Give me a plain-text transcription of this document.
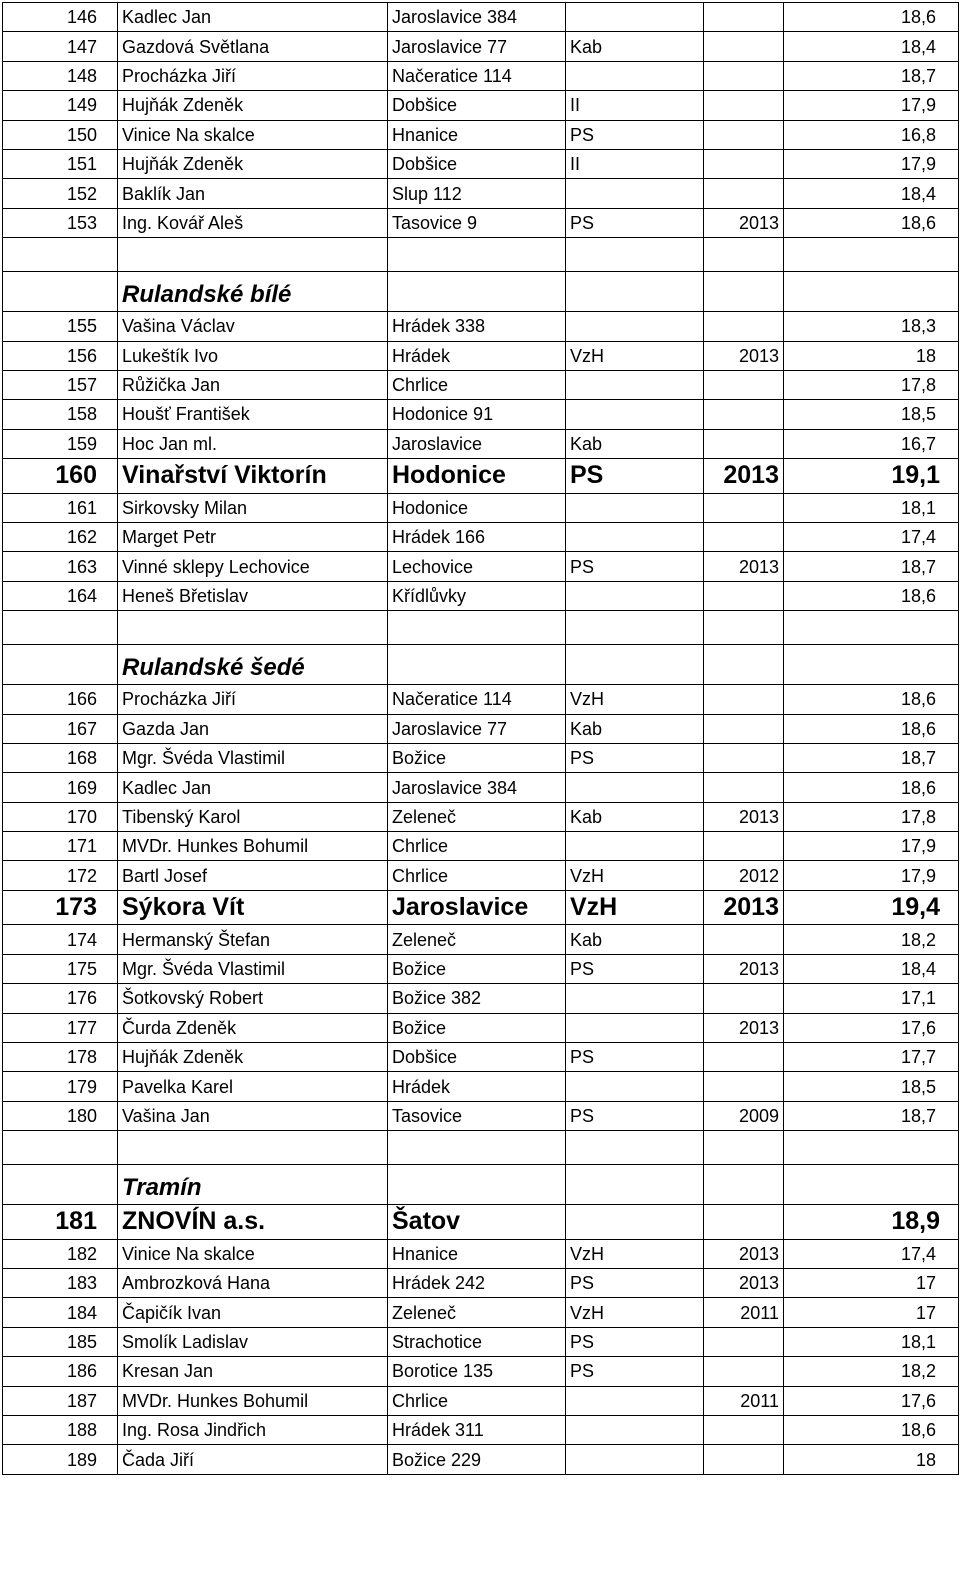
146	Kadlec Jan	Jaroslavice 384			18,6
147	Gazdová Světlana	Jaroslavice 77	Kab		18,4
148	Procházka Jiří	Načeratice 114			18,7
149	Hujňák Zdeněk	Dobšice	II		17,9
150	Vinice Na skalce	Hnanice	PS		16,8
151	Hujňák Zdeněk	Dobšice	II		17,9
152	Baklík Jan	Slup 112			18,4
153	Ing. Kovář Aleš	Tasovice 9	PS	2013	18,6

	Rulandské bílé				
155	Vašina Václav	Hrádek 338			18,3
156	Lukeštík Ivo	Hrádek	VzH	2013	18
157	Růžička Jan	Chrlice			17,8
158	Houšť František	Hodonice 91			18,5
159	Hoc Jan ml.	Jaroslavice	Kab		16,7
160	Vinařství Viktorín	Hodonice	PS	2013	19,1
161	Sirkovsky Milan	Hodonice			18,1
162	Marget Petr	Hrádek 166			17,4
163	Vinné sklepy Lechovice	Lechovice	PS	2013	18,7
164	Heneš Břetislav	Křídlůvky			18,6

	Rulandské šedé				
166	Procházka Jiří	Načeratice 114	VzH		18,6
167	Gazda Jan	Jaroslavice 77	Kab		18,6
168	Mgr. Švéda Vlastimil	Božice	PS		18,7
169	Kadlec Jan	Jaroslavice 384			18,6
170	Tibenský Karol	Zeleneč	Kab	2013	17,8
171	MVDr. Hunkes Bohumil	Chrlice			17,9
172	Bartl Josef	Chrlice	VzH	2012	17,9
173	Sýkora Vít	Jaroslavice	VzH	2013	19,4
174	Hermanský Štefan	Zeleneč	Kab		18,2
175	Mgr. Švéda Vlastimil	Božice	PS	2013	18,4
176	Šotkovský Robert	Božice 382			17,1
177	Čurda Zdeněk	Božice		2013	17,6
178	Hujňák Zdeněk	Dobšice	PS		17,7
179	Pavelka Karel	Hrádek			18,5
180	Vašina Jan	Tasovice	PS	2009	18,7

	Tramín				
181	ZNOVÍN a.s.	Šatov			18,9
182	Vinice Na skalce	Hnanice	VzH	2013	17,4
183	Ambrozková Hana	Hrádek 242	PS	2013	17
184	Čapičík Ivan	Zeleneč	VzH	2011	17
185	Smolík Ladislav	Strachotice	PS		18,1
186	Kresan Jan	Borotice 135	PS		18,2
187	MVDr. Hunkes Bohumil	Chrlice		2011	17,6
188	Ing. Rosa Jindřich	Hrádek 311			18,6
189	Čada Jiří	Božice 229			18
